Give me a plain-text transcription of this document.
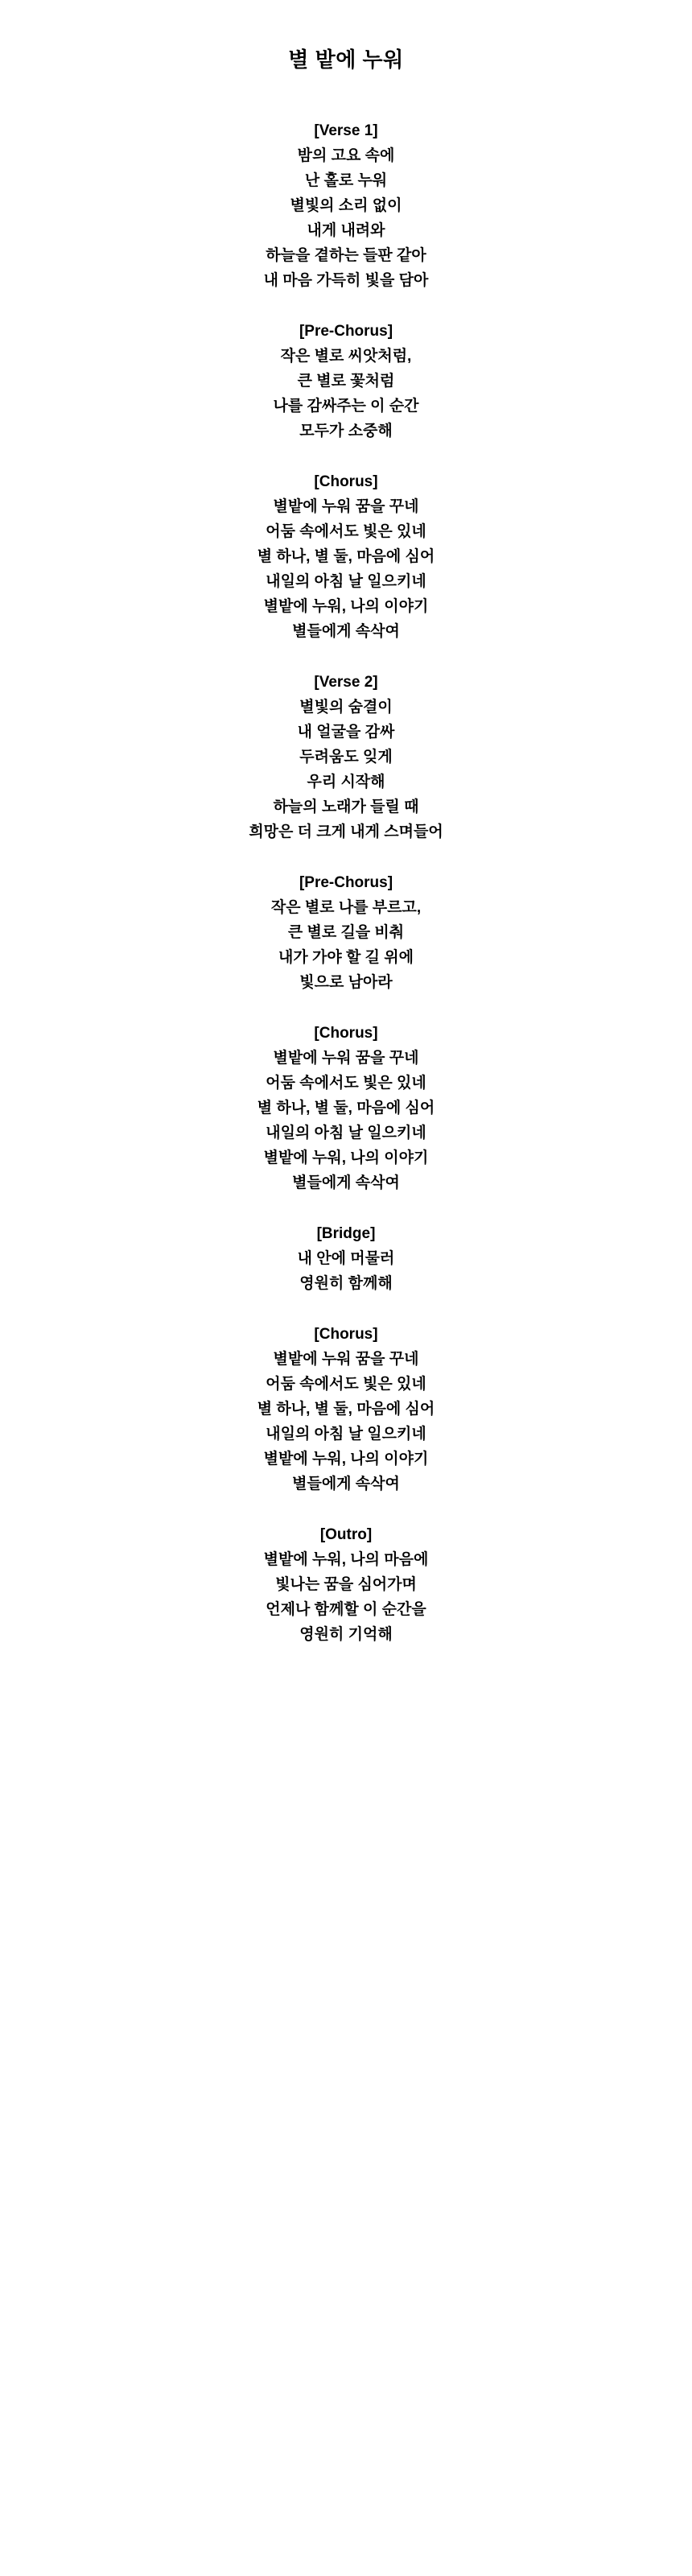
별 밭에 누워
[Verse 1]
밤의 고요 속에
난 홀로 누워
별빛의 소리 없이
내게 내려와
하늘을 곁하는 들판 같아
내 마음 가득히 빛을 담아
[Pre-Chorus]
작은 별로 씨앗처럼,
큰 별로 꽃처럼
나를 감싸주는 이 순간
모두가 소중해
[Chorus]
별밭에 누워 꿈을 꾸네
어둠 속에서도 빛은 있네
별 하나, 별 둘, 마음에 심어
내일의 아침 날 일으키네
별밭에 누워, 나의 이야기
별들에게 속삭여
[Verse 2]
별빛의 숨결이
내 얼굴을 감싸
두려움도 잊게
우리 시작해
하늘의 노래가 들릴 때
희망은 더 크게 내게 스며들어
[Pre-Chorus]
작은 별로 나를 부르고,
큰 별로 길을 비춰
내가 가야 할 길 위에
빛으로 남아라
[Chorus]
별밭에 누워 꿈을 꾸네
어둠 속에서도 빛은 있네
별 하나, 별 둘, 마음에 심어
내일의 아침 날 일으키네
별밭에 누워, 나의 이야기
별들에게 속삭여
[Bridge]
내 안에 머물러
영원히 함께해
[Chorus]
별밭에 누워 꿈을 꾸네
어둠 속에서도 빛은 있네
별 하나, 별 둘, 마음에 심어
내일의 아침 날 일으키네
별밭에 누워, 나의 이야기
별들에게 속삭여
[Outro]
별밭에 누워, 나의 마음에
빛나는 꿈을 심어가며
언제나 함께할 이 순간을
영원히 기억해
